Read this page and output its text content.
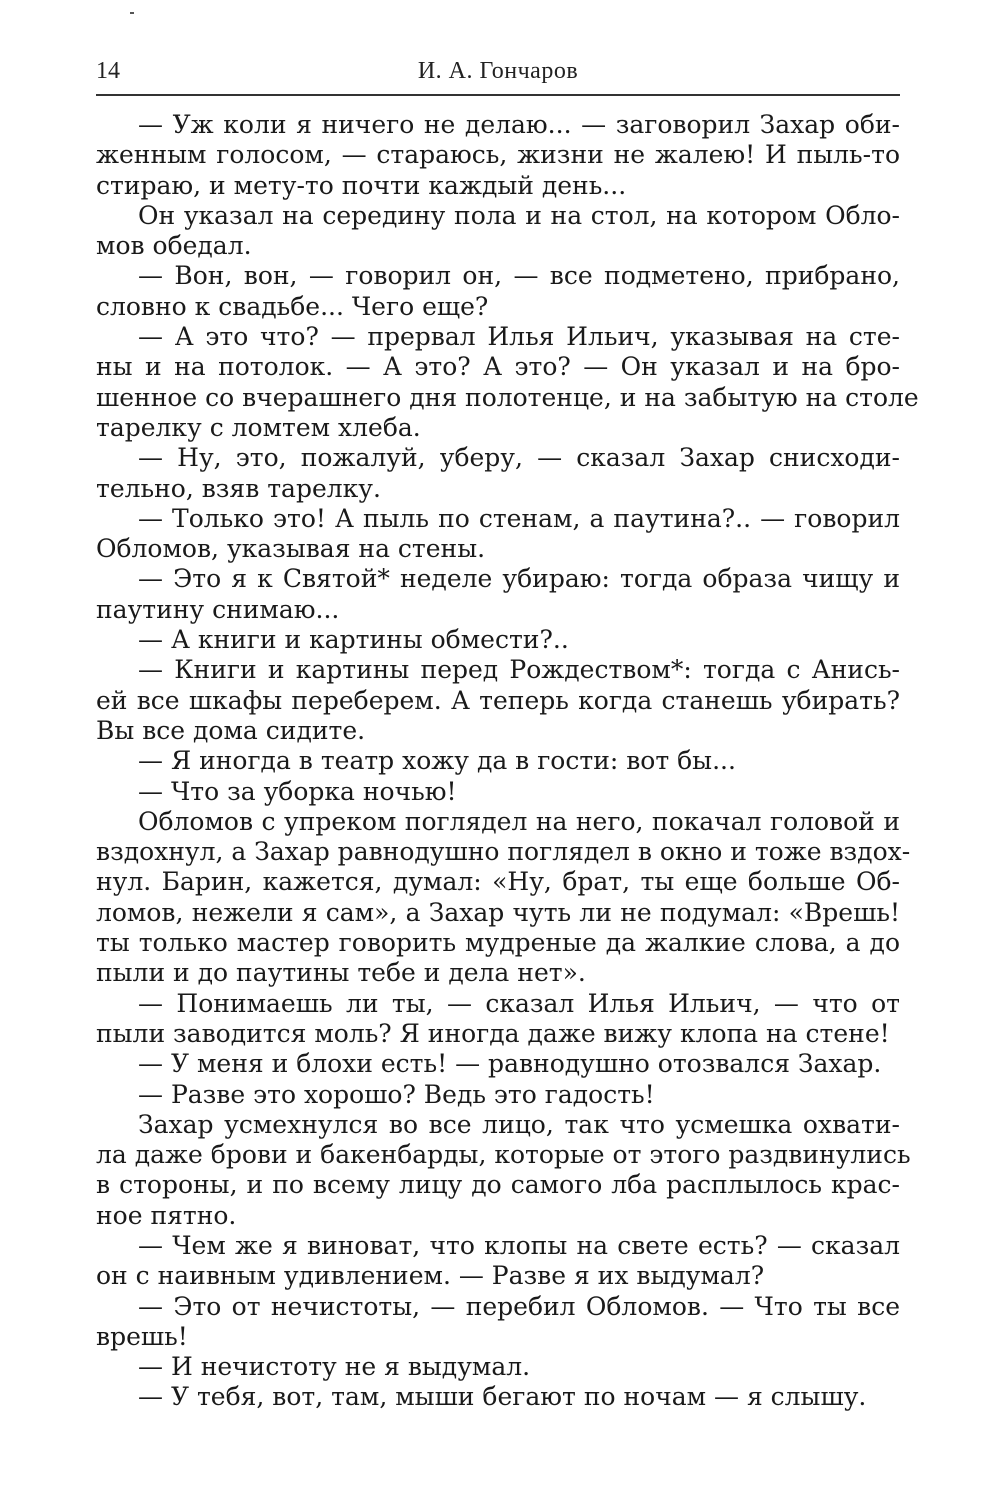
14	И. А. Гончаров
— Уж коли я ничего не делаю... — заговорил Захар оби-
женным голосом, — стараюсь, жизни не жалею! И пыль-то
стираю, и мету-то почти каждый день...
Он указал на середину пола и на стол, на котором Обло-
мов обедал.
— Вон, вон, — говорил он, — все подметено, прибрано,
словно к свадьбе... Чего еще?
— А это что? — прервал Илья Ильич, указывая на сте-
ны и на потолок. — А это? А это? — Он указал и на бро-
шенное со вчерашнего дня полотенце, и на забытую на столе
тарелку с ломтем хлеба.
— Ну, это, пожалуй, уберу, — сказал Захар снисходи-
тельно, взяв тарелку.
— Только это! А пыль по стенам, а паутина?.. — говорил
Обломов, указывая на стены.
— Это я к Святой* неделе убираю: тогда образа чищу и
паутину снимаю...
— А книги и картины обмести?..
— Книги и картины перед Рождеством*: тогда с Анись-
ей все шкафы переберем. А теперь когда станешь убирать?
Вы все дома сидите.
— Я иногда в театр хожу да в гости: вот бы...
— Что за уборка ночью!
Обломов с упреком поглядел на него, покачал головой и
вздохнул, а Захар равнодушно поглядел в окно и тоже вздох-
нул. Барин, кажется, думал: «Ну, брат, ты еще больше Об-
ломов, нежели я сам», а Захар чуть ли не подумал: «Врешь!
ты только мастер говорить мудреные да жалкие слова, а до
пыли и до паутины тебе и дела нет».
— Понимаешь ли ты, — сказал Илья Ильич, — что от
пыли заводится моль? Я иногда даже вижу клопа на стене!
— У меня и блохи есть! — равнодушно отозвался Захар.
— Разве это хорошо? Ведь это гадость!
Захар усмехнулся во все лицо, так что усмешка охвати-
ла даже брови и бакенбарды, которые от этого раздвинулись
в стороны, и по всему лицу до самого лба расплылось крас-
ное пятно.
— Чем же я виноват, что клопы на свете есть? — сказал
он с наивным удивлением. — Разве я их выдумал?
— Это от нечистоты, — перебил Обломов. — Что ты все
врешь!
— И нечистоту не я выдумал.
— У тебя, вот, там, мыши бегают по ночам — я слышу.
